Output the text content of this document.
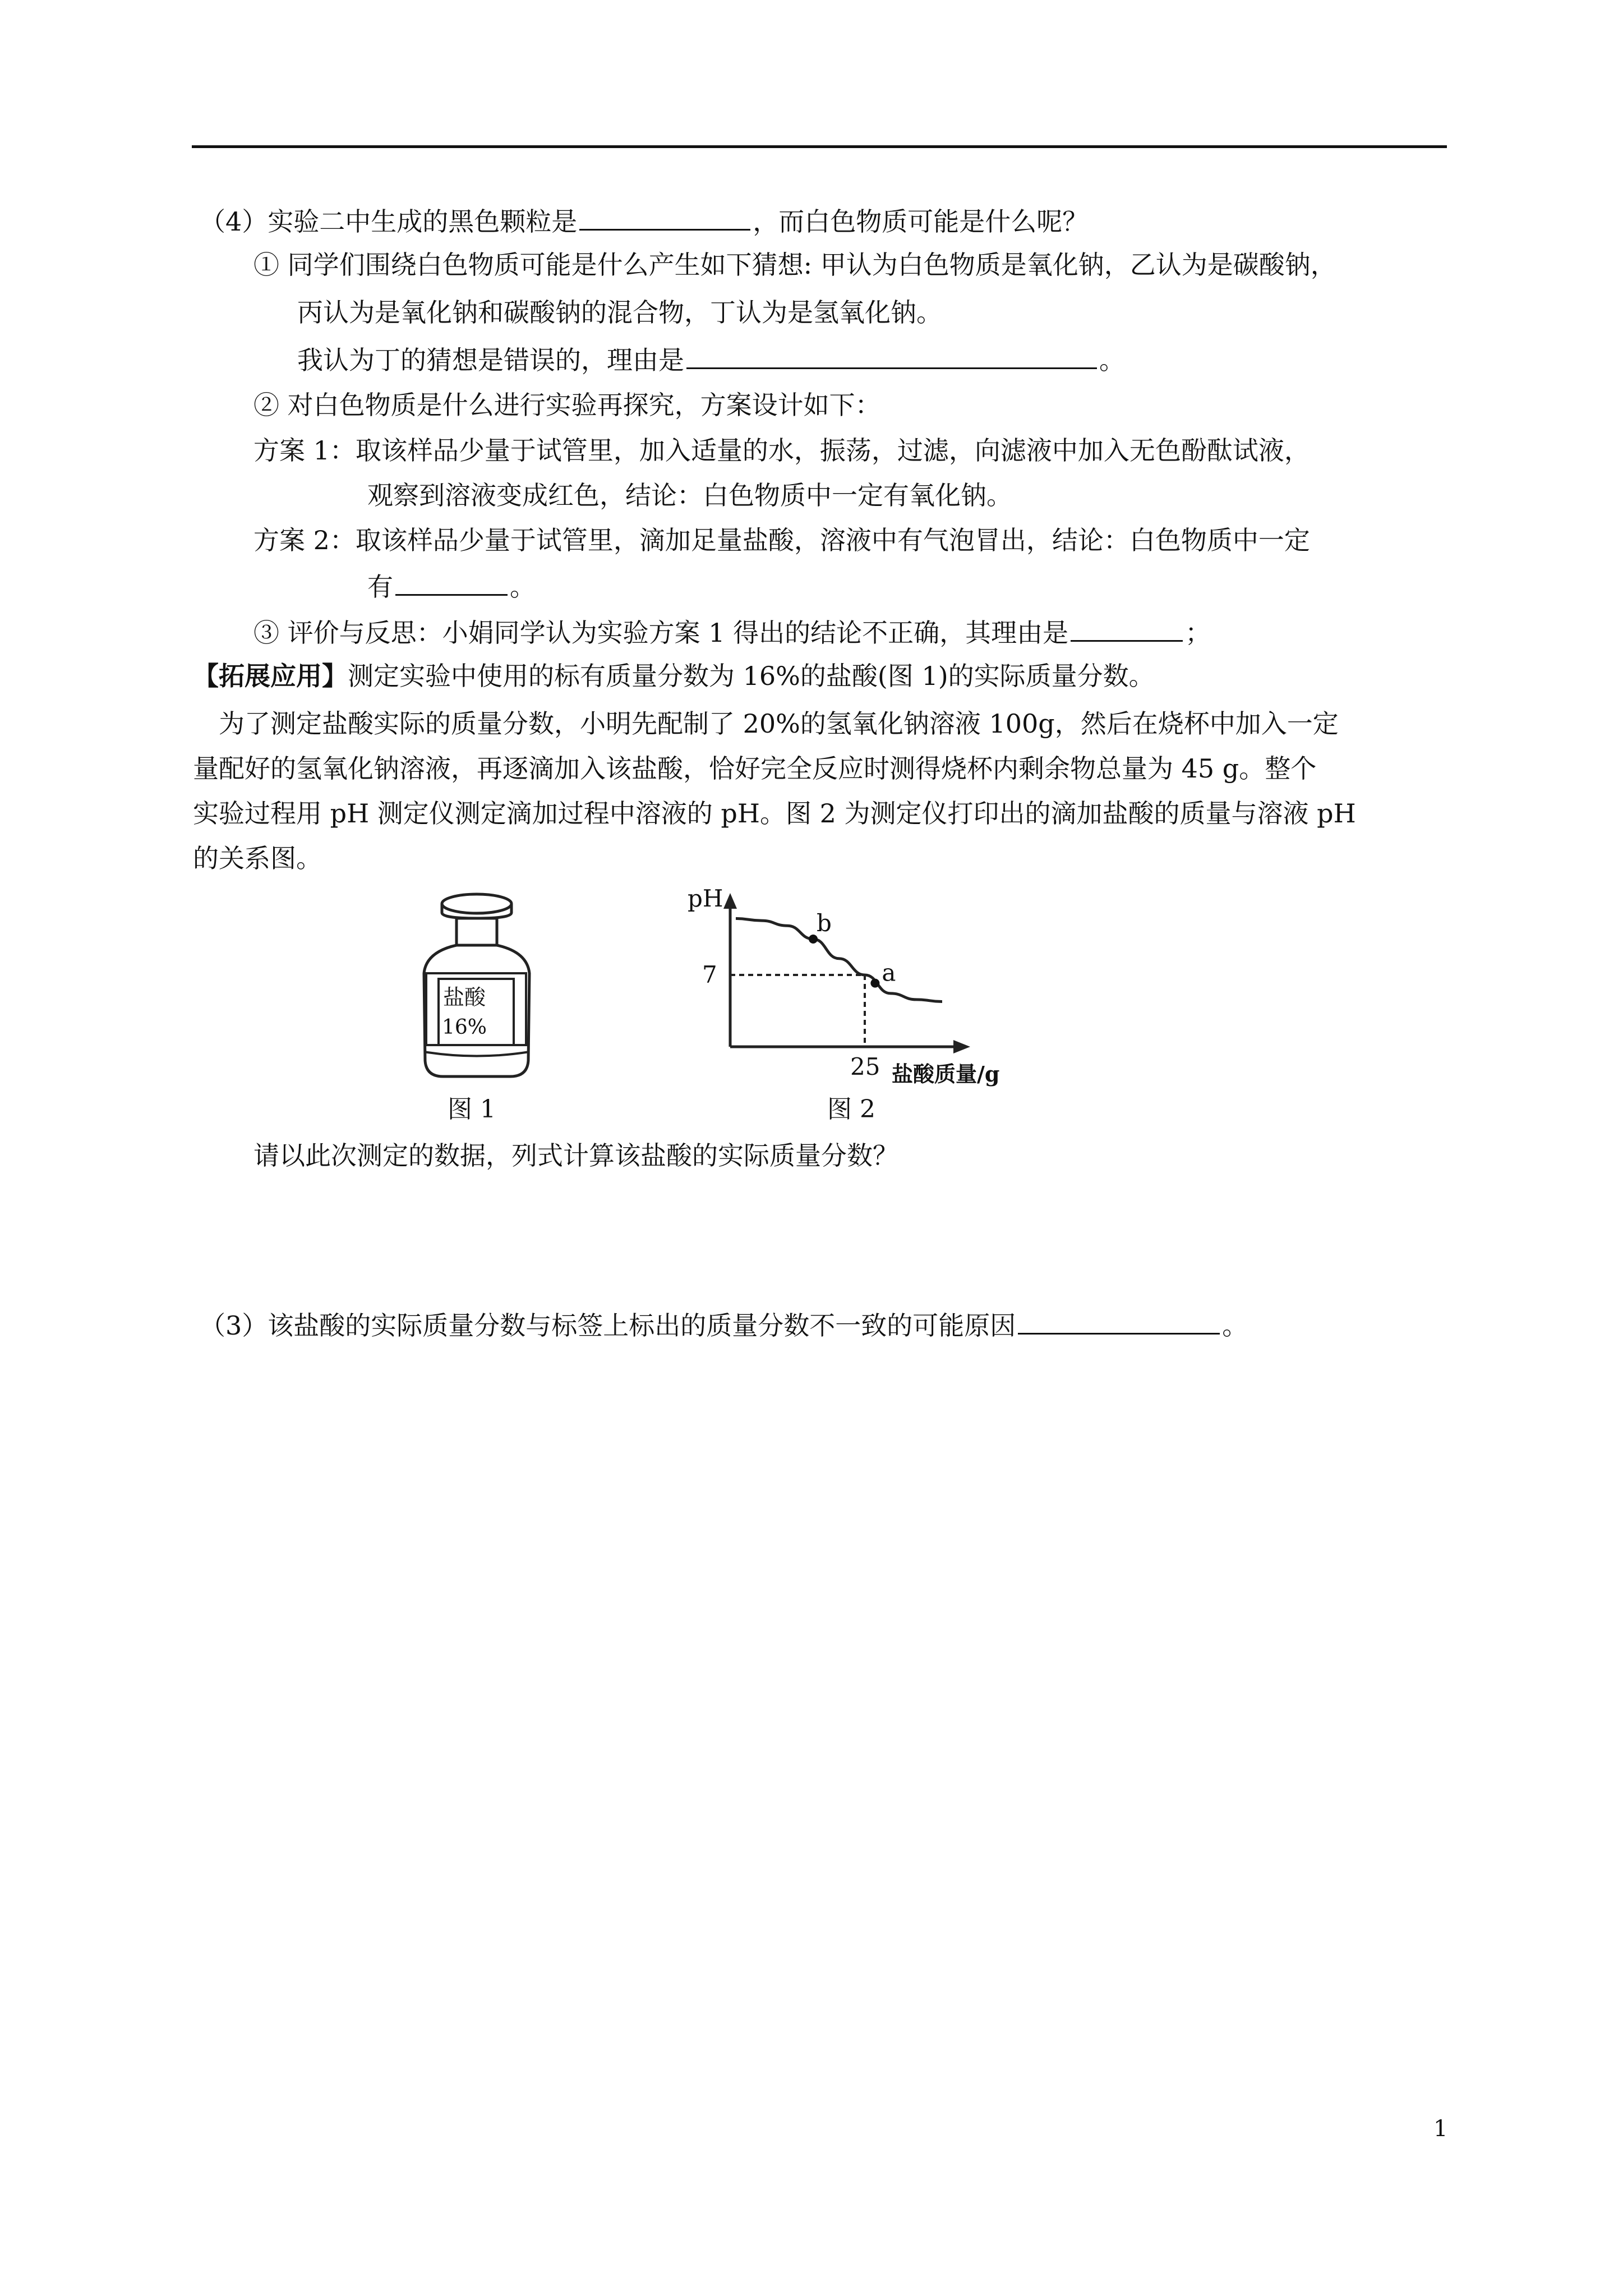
（4）实验二中生成的黑色颗粒是	，而白色物质可能是什么呢？
① 同学们围绕白色物质可能是什么产生如下猜想: 甲认为白色物质是氧化钠，乙认为是碳酸钠，
丙认为是氧化钠和碳酸钠的混合物，丁认为是氢氧化钠。
我认为丁的猜想是错误的，理由是	。
② 对白色物质是什么进行实验再探究，方案设计如下：
方案 1：取该样品少量于试管里，加入适量的水，振荡，过滤，向滤液中加入无色酚酞试液，
观察到溶液变成红色，结论：白色物质中一定有氧化钠。
方案 2：取该样品少量于试管里，滴加足量盐酸，溶液中有气泡冒出，结论：白色物质中一定
有	。
③ 评价与反思：小娟同学认为实验方案 1 得出的结论不正确，其理由是	；
【拓展应用】测定实验中使用的标有质量分数为 16%的盐酸(图 1)的实际质量分数。
为了测定盐酸实际的质量分数，小明先配制了 20%的氢氧化钠溶液 100g，然后在烧杯中加入一定
量配好的氢氧化钠溶液，再逐滴加入该盐酸，恰好完全反应时测得烧杯内剩余物总量为 45 g。整个
实验过程用 pH 测定仪测定滴加过程中溶液的 pH。图 2 为测定仪打印出的滴加盐酸的质量与溶液 pH
的关系图。
盐酸
16%
图 1
pH
盐酸质量/g
7
25
b
a
图 2
请以此次测定的数据，列式计算该盐酸的实际质量分数？
（3）该盐酸的实际质量分数与标签上标出的质量分数不一致的可能原因	。
1
